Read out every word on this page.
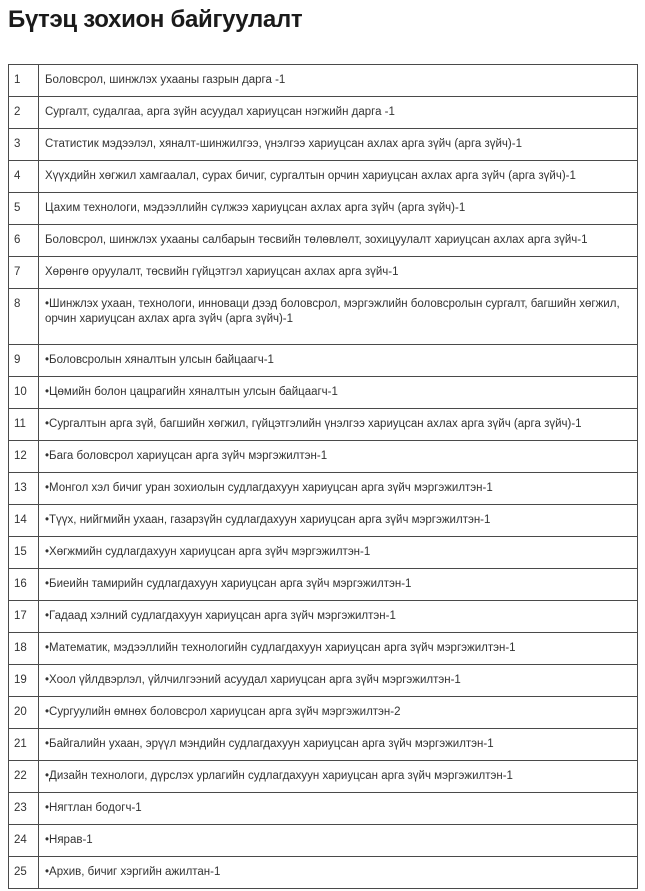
Бүтэц зохион байгуулалт
1	Боловсрол, шинжлэх ухааны газрын дарга -1
2	Сургалт, судалгаа, арга зүйн асуудал хариуцсан нэгжийн дарга -1
3	Статистик мэдээлэл, хяналт-шинжилгээ, үнэлгээ хариуцсан ахлах арга зүйч (арга зүйч)-1
4	Хүүхдийн хөгжил хамгаалал, сурах бичиг, сургалтын орчин хариуцсан ахлах арга зүйч (арга зүйч)-1
5	Цахим технологи, мэдээллийн сүлжээ хариуцсан ахлах арга зүйч (арга зүйч)-1
6	Боловсрол, шинжлэх ухааны салбарын төсвийн төлөвлөлт, зохицуулалт хариуцсан ахлах арга зүйч-1
7	Хөрөнгө оруулалт, төсвийн гүйцэтгэл хариуцсан ахлах арга зүйч-1
8	•Шинжлэх ухаан, технологи, инноваци дээд боловсрол, мэргэжлийн боловсролын сургалт, багшийн хөгжил, орчин хариуцсан ахлах арга зүйч (арга зүйч)-1
9	•Боловсролын хяналтын улсын байцаагч-1
10	•Цөмийн болон цацрагийн хяналтын улсын байцаагч-1
11	•Сургалтын арга зүй, багшийн хөгжил, гүйцэтгэлийн үнэлгээ хариуцсан ахлах арга зүйч (арга зүйч)-1
12	•Бага боловсрол хариуцсан арга зүйч мэргэжилтэн-1
13	•Монгол хэл бичиг уран зохиолын судлагдахуун хариуцсан арга зүйч мэргэжилтэн-1
14	•Түүх, нийгмийн ухаан, газарзүйн судлагдахуун хариуцсан арга зүйч мэргэжилтэн-1
15	•Хөгжмийн судлагдахуун хариуцсан арга зүйч мэргэжилтэн-1
16	•Биеийн тамирийн судлагдахуун хариуцсан арга зүйч мэргэжилтэн-1
17	•Гадаад хэлний судлагдахуун хариуцсан арга зүйч мэргэжилтэн-1
18	•Математик, мэдээллийн технологийн судлагдахуун хариуцсан арга зүйч мэргэжилтэн-1
19	•Хоол үйлдвэрлэл, үйлчилгээний асуудал хариуцсан арга зүйч мэргэжилтэн-1
20	•Сургуулийн өмнөх боловсрол хариуцсан арга зүйч мэргэжилтэн-2
21	•Байгалийн ухаан, эрүүл мэндийн судлагдахуун хариуцсан арга зүйч мэргэжилтэн-1
22	•Дизайн технологи, дүрслэх урлагийн судлагдахуун хариуцсан арга зүйч мэргэжилтэн-1
23	•Нягтлан бодогч-1
24	•Нярав-1
25	•Архив, бичиг хэргийн ажилтан-1
